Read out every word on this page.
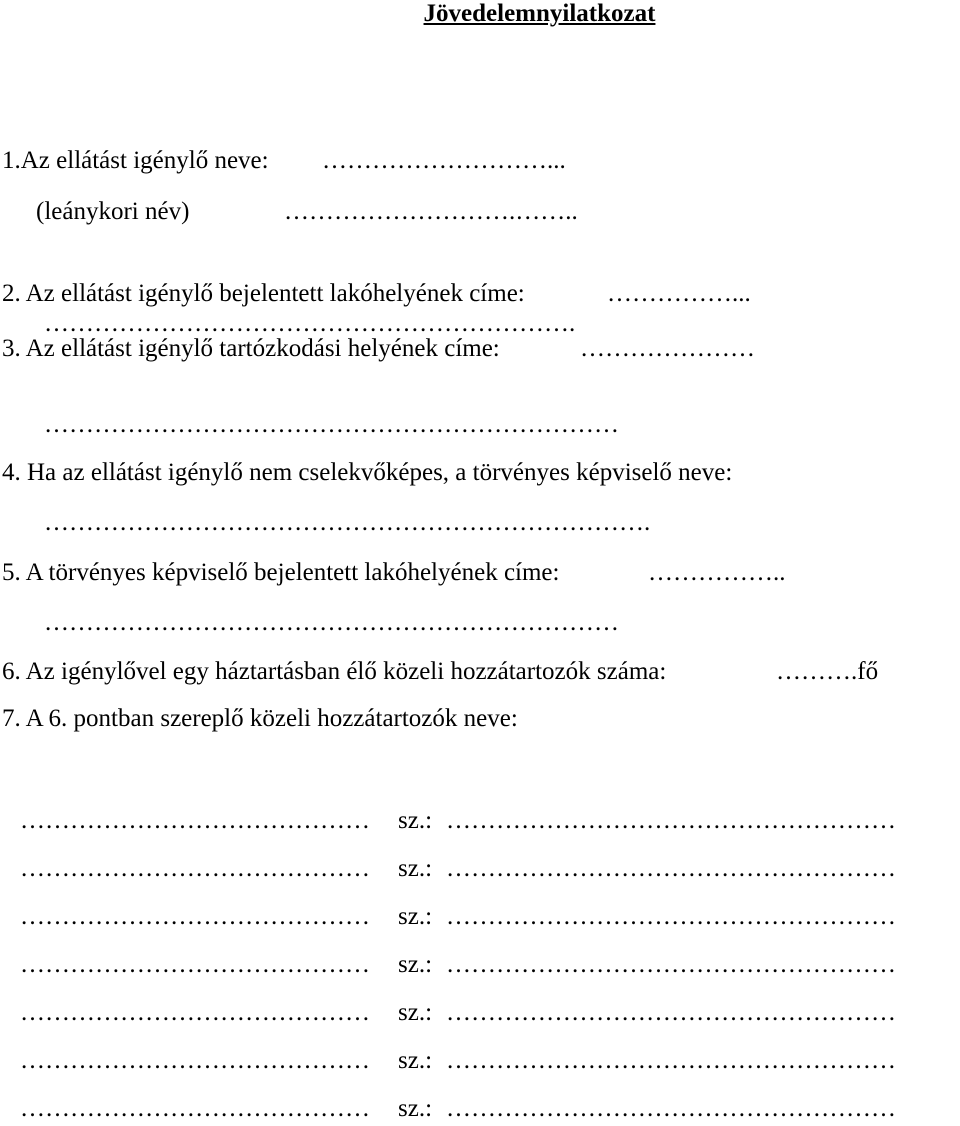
Jövedelemnyilatkozat
1.Az ellátást igénylő neve: ………………………...
(leánykori név)	……………………….……..
2. Az ellátást igénylő bejelentett lakóhelyének címe:	……………...
……………………………………………………….
3. Az ellátást igénylő tartózkodási helyének címe:	…………………
……………………………………………………………
4. Ha az ellátást igénylő nem cselekvőképes, a törvényes képviselő neve:
……………………………………………………………….
5. A törvényes képviselő bejelentett lakóhelyének címe:	……………..
……………………………………………………………
6. Az igénylővel egy háztartásban élő közeli hozzátartozók száma:	……….fő
7. A 6. pontban szereplő közeli hozzátartozók neve:
……………………………………	sz.: ………………………………………………
……………………………………	sz.: ………………………………………………
……………………………………	sz.: ………………………………………………
……………………………………	sz.: ………………………………………………
……………………………………	sz.: ………………………………………………
……………………………………	sz.: ………………………………………………
……………………………………	sz.: ………………………………………………
